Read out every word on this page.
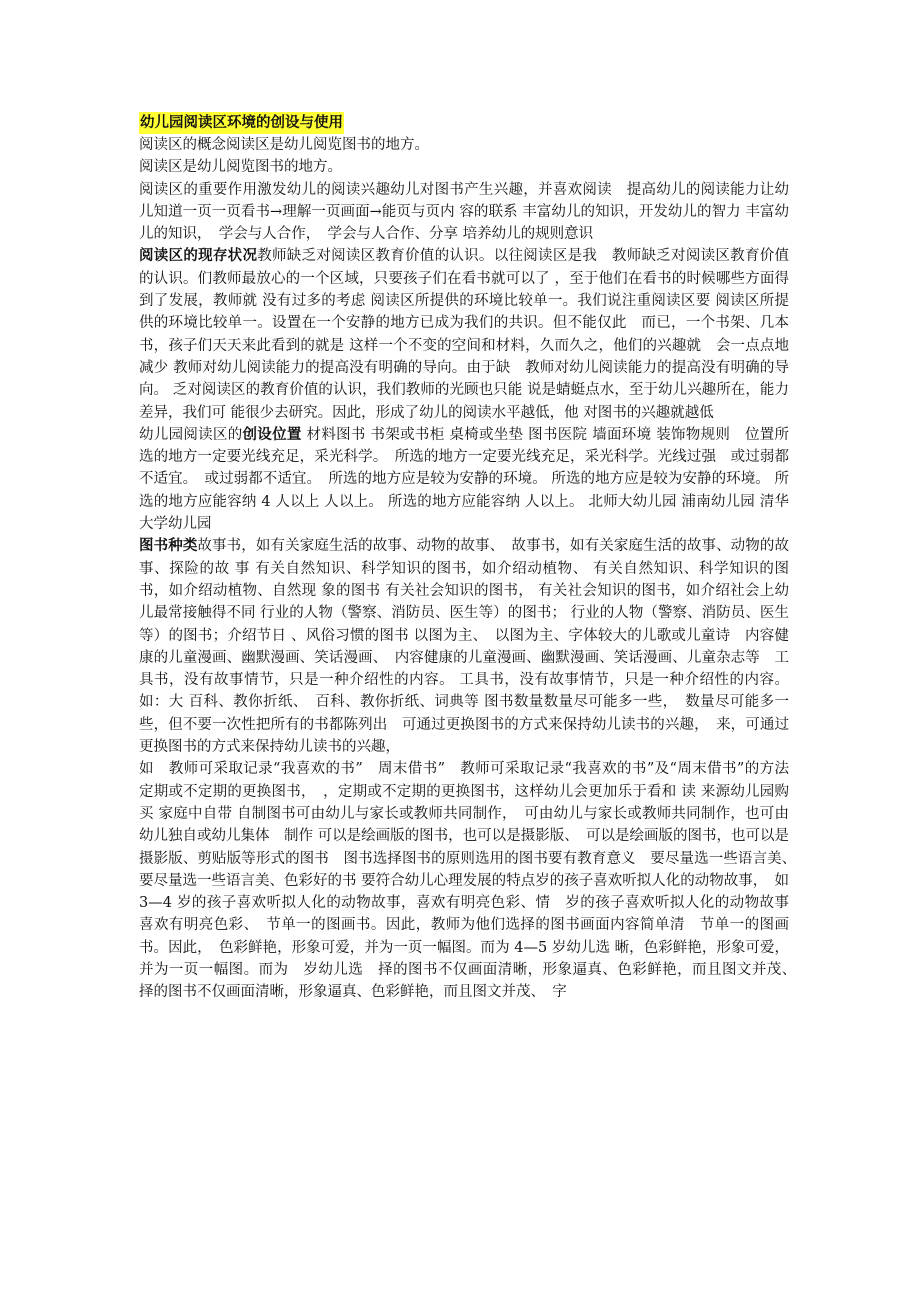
幼儿园阅读区环境的创设与使用

阅读区的概念阅读区是幼儿阅览图书的地方。

阅读区是幼儿阅览图书的地方。

阅读区的重要作用激发幼儿的阅读兴趣幼儿对图书产生兴趣，并喜欢阅读　提高幼儿的阅读能力让幼儿知道一页一页看书→理解一页画面→能页与页内 容的联系 丰富幼儿的知识，开发幼儿的智力 丰富幼儿的知识，　学会与人合作，　学会与人合作、分享 培养幼儿的规则意识

阅读区的现存状况教师缺乏对阅读区教育价值的认识。以往阅读区是我　教师缺乏对阅读区教育价值的认识。们教师最放心的一个区域，只要孩子们在看书就可以了 ，至于他们在看书的时候哪些方面得到了发展，教师就 没有过多的考虑 阅读区所提供的环境比较单一。我们说注重阅读区要 阅读区所提供的环境比较单一。设置在一个安静的地方已成为我们的共识。但不能仅此　而已，一个书架、几本书，孩子们天天来此看到的就是 这样一个不变的空间和材料，久而久之，他们的兴趣就　会一点点地减少 教师对幼儿阅读能力的提高没有明确的导向。由于缺　教师对幼儿阅读能力的提高没有明确的导向。 乏对阅读区的教育价值的认识，我们教师的光顾也只能 说是蜻蜓点水，至于幼儿兴趣所在，能力差异，我们可 能很少去研究。因此，形成了幼儿的阅读水平越低，他 对图书的兴趣就越低

幼儿园阅读区的创设位置 材料图书 书架或书柜 桌椅或坐垫 图书医院 墙面环境 装饰物规则　位置所选的地方一定要光线充足，采光科学。　所选的地方一定要光线充足，采光科学。光线过强　或过弱都不适宜。　或过弱都不适宜。　所选的地方应是较为安静的环境。 所选的地方应是较为安静的环境。 所选的地方应能容纳 4 人以上 人以上。 所选的地方应能容纳 人以上。 北师大幼儿园 浦南幼儿园 清华大学幼儿园

图书种类故事书，如有关家庭生活的故事、动物的故事、　故事书，如有关家庭生活的故事、动物的故事、探险的故 事 有关自然知识、科学知识的图书，如介绍动植物、 有关自然知识、科学知识的图书，如介绍动植物、自然现 象的图书 有关社会知识的图书， 有关社会知识的图书，如介绍社会上幼儿最常接触得不同 行业的人物（警察、消防员、医生等）的图书； 行业的人物（警察、消防员、医生等）的图书；介绍节日 、风俗习惯的图书 以图为主、　以图为主、字体较大的儿歌或儿童诗　内容健康的儿童漫画、幽默漫画、笑话漫画、　内容健康的儿童漫画、幽默漫画、笑话漫画、儿童杂志等　工具书，没有故事情节，只是一种介绍性的内容。 工具书，没有故事情节，只是一种介绍性的内容。如：大 百科、教你折纸、　百科、教你折纸、词典等 图书数量数量尽可能多一些，　数量尽可能多一些，但不要一次性把所有的书都陈列出　可通过更换图书的方式来保持幼儿读书的兴趣，　来，可通过更换图书的方式来保持幼儿读书的兴趣，

如　教师可采取记录“我喜欢的书”　周末借书”　教师可采取记录“我喜欢的书”及“周末借书”的方法　定期或不定期的更换图书，　，定期或不定期的更换图书，这样幼儿会更加乐于看和 读 来源幼儿园购买 家庭中自带 自制图书可由幼儿与家长或教师共同制作，　可由幼儿与家长或教师共同制作，也可由幼儿独自或幼儿集体　制作 可以是绘画版的图书，也可以是摄影版、　可以是绘画版的图书，也可以是摄影版、剪贴版等形式的图书　图书选择图书的原则选用的图书要有教育意义　要尽量选一些语言美、　要尽量选一些语言美、色彩好的书 要符合幼儿心理发展的特点岁的孩子喜欢听拟人化的动物故事，　如 3—4 岁的孩子喜欢听拟人化的动物故事，喜欢有明亮色彩、情　岁的孩子喜欢听拟人化的动物故事　喜欢有明亮色彩、　节单一的图画书。因此，教师为他们选择的图书画面内容简单清　节单一的图画书。因此，　色彩鲜艳，形象可爱，并为一页一幅图。而为 4—5 岁幼儿选 晰，色彩鲜艳，形象可爱，并为一页一幅图。而为　岁幼儿选　择的图书不仅画面清晰，形象逼真、色彩鲜艳，而且图文并茂、　择的图书不仅画面清晰，形象逼真、色彩鲜艳，而且图文并茂、　字
